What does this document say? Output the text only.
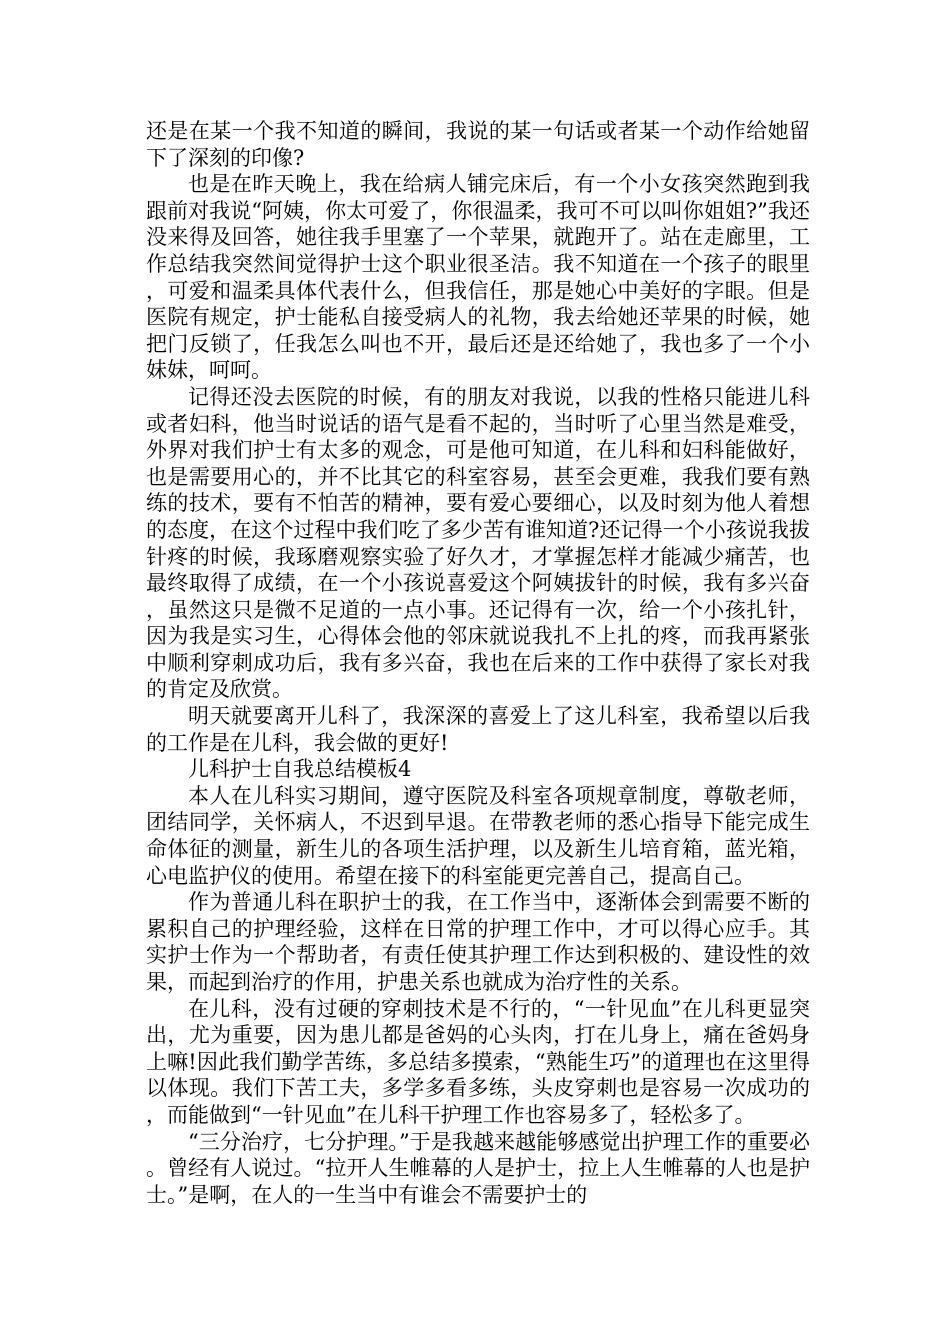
还是在某一个我不知道的瞬间，我说的某一句话或者某一个动作给她留下了深刻的印像?

也是在昨天晚上，我在给病人铺完床后，有一个小女孩突然跑到我跟前对我说“阿姨，你太可爱了，你很温柔，我可不可以叫你姐姐?”我还没来得及回答，她往我手里塞了一个苹果，就跑开了。站在走廊里，工作总结我突然间觉得护士这个职业很圣洁。我不知道在一个孩子的眼里，可爱和温柔具体代表什么，但我信任，那是她心中美好的字眼。但是医院有规定，护士能私自接受病人的礼物，我去给她还苹果的时候，她把门反锁了，任我怎么叫也不开，最后还是还给她了，我也多了一个小妹妹，呵呵。

记得还没去医院的时候，有的朋友对我说，以我的性格只能进儿科或者妇科，他当时说话的语气是看不起的，当时听了心里当然是难受，外界对我们护士有太多的观念，可是他可知道，在儿科和妇科能做好，也是需要用心的，并不比其它的科室容易，甚至会更难，我我们要有熟练的技术，要有不怕苦的精神，要有爱心要细心，以及时刻为他人着想的态度，在这个过程中我们吃了多少苦有谁知道?还记得一个小孩说我拔针疼的时候，我琢磨观察实验了好久才，才掌握怎样才能减少痛苦，也最终取得了成绩，在一个小孩说喜爱这个阿姨拔针的时候，我有多兴奋，虽然这只是微不足道的一点小事。还记得有一次，给一个小孩扎针，因为我是实习生，心得体会他的邻床就说我扎不上扎的疼，而我再紧张中顺利穿刺成功后，我有多兴奋，我也在后来的工作中获得了家长对我的肯定及欣赏。

明天就要离开儿科了，我深深的喜爱上了这儿科室，我希望以后我的工作是在儿科，我会做的更好!

儿科护士自我总结模板4

本人在儿科实习期间，遵守医院及科室各项规章制度，尊敬老师，团结同学，关怀病人，不迟到早退。在带教老师的悉心指导下能完成生命体征的测量，新生儿的各项生活护理，以及新生儿培育箱，蓝光箱，心电监护仪的使用。希望在接下的科室能更完善自己，提高自己。

作为普通儿科在职护士的我，在工作当中，逐渐体会到需要不断的累积自己的护理经验，这样在日常的护理工作中，才可以得心应手。其实护士作为一个帮助者，有责任使其护理工作达到积极的、建设性的效果，而起到治疗的作用，护患关系也就成为治疗性的关系。

在儿科，没有过硬的穿刺技术是不行的，“一针见血”在儿科更显突出，尤为重要，因为患儿都是爸妈的心头肉，打在儿身上，痛在爸妈身上嘛!因此我们勤学苦练，多总结多摸索，“熟能生巧”的道理也在这里得以体现。我们下苦工夫，多学多看多练，头皮穿刺也是容易一次成功的，而能做到“一针见血”在儿科干护理工作也容易多了，轻松多了。

“三分治疗，七分护理。”于是我越来越能够感觉出护理工作的重要必。曾经有人说过。“拉开人生帷幕的人是护士，拉上人生帷幕的人也是护士。”是啊，在人的一生当中有谁会不需要护士的
